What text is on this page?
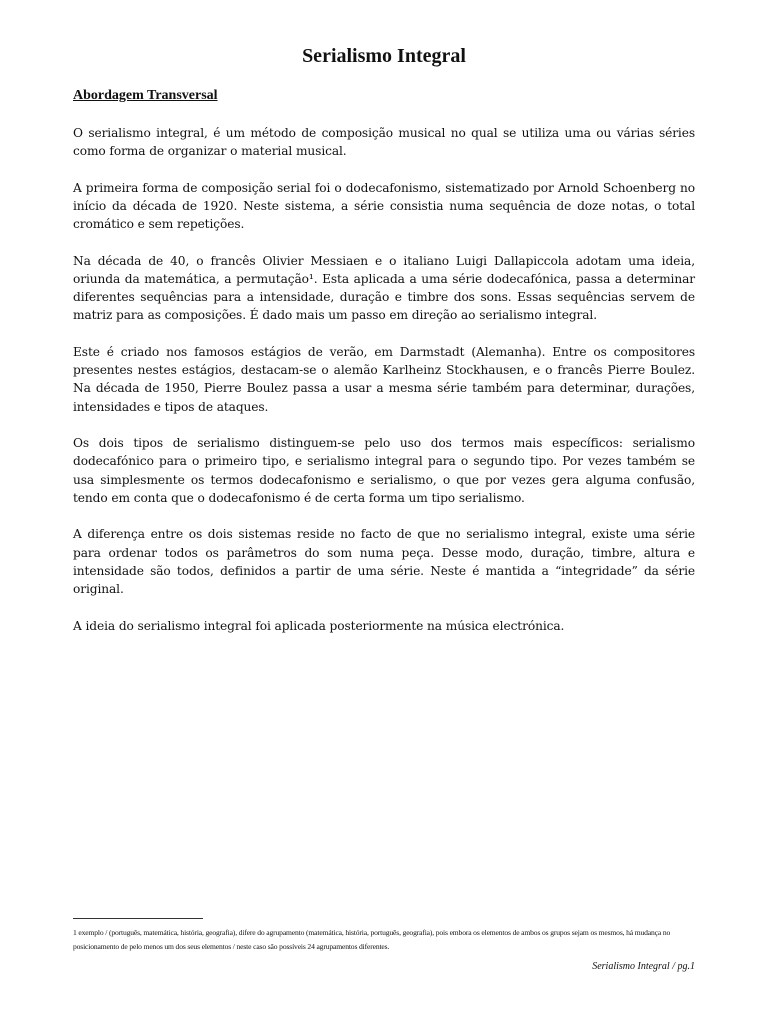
Serialismo Integral
Abordagem Transversal

O serialismo integral, é um método de composição musical no qual se utiliza uma ou várias séries como forma de organizar o material musical.

A primeira forma de composição serial foi o dodecafonismo, sistematizado por Arnold Schoenberg no início da década de 1920. Neste sistema, a série consistia numa sequência de doze notas, o total cromático e sem repetições.

Na década de 40, o francês Olivier Messiaen e o italiano Luigi Dallapiccola adotam uma ideia, oriunda da matemática, a permutação¹. Esta aplicada a uma série dodecafónica, passa a determinar diferentes sequências para a intensidade, duração e timbre dos sons. Essas sequências servem de matriz para as composições. É dado mais um passo em direção ao serialismo integral.

Este é criado nos famosos estágios de verão, em Darmstadt (Alemanha). Entre os compositores presentes nestes estágios, destacam-se o alemão Karlheinz Stockhausen, e o francês Pierre Boulez. Na década de 1950, Pierre Boulez passa a usar a mesma série também para determinar, durações, intensidades e tipos de ataques.

Os dois tipos de serialismo distinguem-se pelo uso dos termos mais específicos: serialismo dodecafónico para o primeiro tipo, e serialismo integral para o segundo tipo. Por vezes também se usa simplesmente os termos dodecafonismo e serialismo, o que por vezes gera alguma confusão, tendo em conta que o dodecafonismo é de certa forma um tipo serialismo.

A diferença entre os dois sistemas reside no facto de que no serialismo integral, existe uma série para ordenar todos os parâmetros do som numa peça. Desse modo, duração, timbre, altura e intensidade são todos, definidos a partir de uma série. Neste é mantida a “integridade” da série original.

A ideia do serialismo integral foi aplicada posteriormente na música electrónica.

1 exemplo / (português, matemática, história, geografia), difere do agrupamento (matemática, história, português, geografia), pois embora os elementos de ambos os grupos sejam os mesmos, há mudança no posicionamento de pelo menos um dos seus elementos / neste caso são possíveis 24 agrupamentos diferentes.
Serialismo Integral / pg.1
